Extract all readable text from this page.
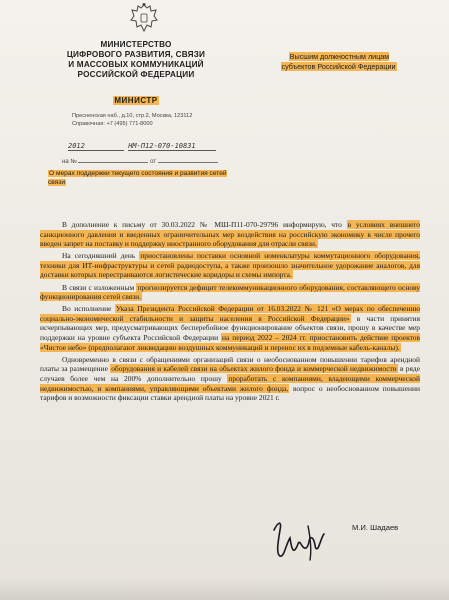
МИНИСТЕРСТВО
ЦИФРОВОГО РАЗВИТИЯ, СВЯЗИ
И МАССОВЫХ КОММУНИКАЦИЙ
РОССИЙСКОЙ ФЕДЕРАЦИИ
МИНИСТР
Пресненская наб., д.10, стр.2, Москва, 123112
Справочная: +7 (495) 771-8000
2012	НМ-П12-070-10831
на №	от
О мерах поддержки текущего состояния и развития сетей связи
Высшим должностным лицам субъектов Российской Федерации

В дополнение к письму от 30.03.2022 № МШ-П11-070-29796 информирую, что в условиях внешнего санкционного давления и введенных ограничительных мер воздействия на российскую экономику в числе прочего введен запрет на поставку и поддержку иностранного оборудования для отрасли связи.

На сегодняшний день приостановлены поставки основной номенклатуры коммутационного оборудования, техники для ИТ-инфраструктуры и сетей радиодоступа, а также произошло значительное удорожание аналогов, для доставки которых перестраиваются логистические коридоры и схемы импорта.

В связи с изложенным прогнозируется дефицит телекоммуникационного оборудования, составляющего основу функционирования сетей связи.

Во исполнение Указа Президента Российской Федерации от 16.03.2022 № 121 «О мерах по обеспечению социально-экономической стабильности и защиты населения в Российской Федерации» в части принятия исчерпывающих мер, предусматривающих бесперебойное функционирование объектов связи, прошу в качестве мер поддержки на уровне субъекта Российской Федерации на период 2022 – 2024 гг. приостановить действие проектов «Чистое небо» (предполагают ликвидацию воздушных коммуникаций и перенос их в подземные кабель-каналы).

Одновременно в связи с обращениями организаций связи о необоснованном повышении тарифов арендной платы за размещение оборудования и кабелей связи на объектах жилого фонда и коммерческой недвижимости в ряде случаев более чем на 200% дополнительно прошу проработать с компаниями, владеющими коммерческой недвижимостью, и компаниями, управляющими объектами жилого фонда, вопрос о необоснованном повышении тарифов и возможности фиксации ставки арендной платы на уровне 2021 г.

М.И. Шадаев
